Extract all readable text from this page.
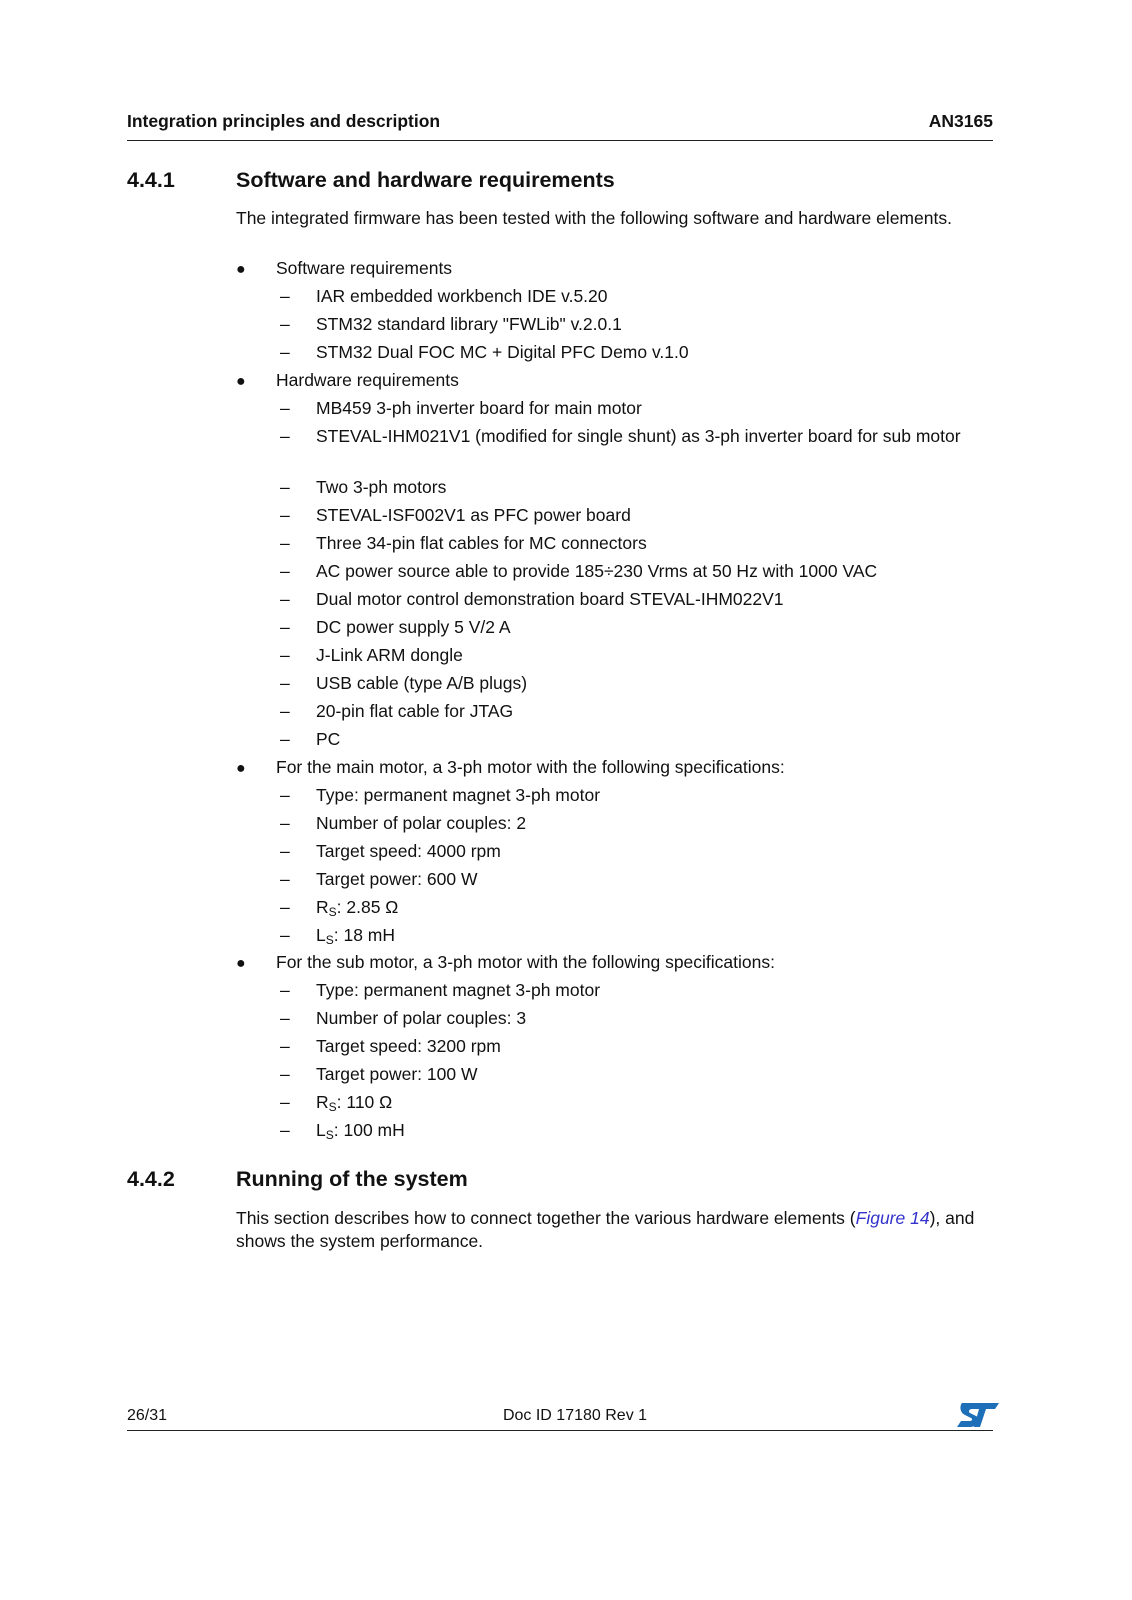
Integration principles and description	AN3165
4.4.1	Software and hardware requirements
The integrated firmware has been tested with the following software and hardware elements.
● Software requirements
– IAR embedded workbench IDE v.5.20
– STM32 standard library "FWLib" v.2.0.1
– STM32 Dual FOC MC + Digital PFC Demo v.1.0
● Hardware requirements
– MB459 3-ph inverter board for main motor
– STEVAL-IHM021V1 (modified for single shunt) as 3-ph inverter board for sub motor
– Two 3-ph motors
– STEVAL-ISF002V1 as PFC power board
– Three 34-pin flat cables for MC connectors
– AC power source able to provide 185÷230 Vrms at 50 Hz with 1000 VAC
– Dual motor control demonstration board STEVAL-IHM022V1
– DC power supply 5 V/2 A
– J-Link ARM dongle
– USB cable (type A/B plugs)
– 20-pin flat cable for JTAG
– PC
● For the main motor, a 3-ph motor with the following specifications:
– Type: permanent magnet 3-ph motor
– Number of polar couples: 2
– Target speed: 4000 rpm
– Target power: 600 W
– $R_S$: 2.85 Ω
– $L_S$: 18 mH
● For the sub motor, a 3-ph motor with the following specifications:
– Type: permanent magnet 3-ph motor
– Number of polar couples: 3
– Target speed: 3200 rpm
– Target power: 100 W
– $R_S$: 110 Ω
– $L_S$: 100 mH
4.4.2	Running of the system
This section describes how to connect together the various hardware elements (Figure 14), and shows the system performance.
26/31	Doc ID 17180 Rev 1
